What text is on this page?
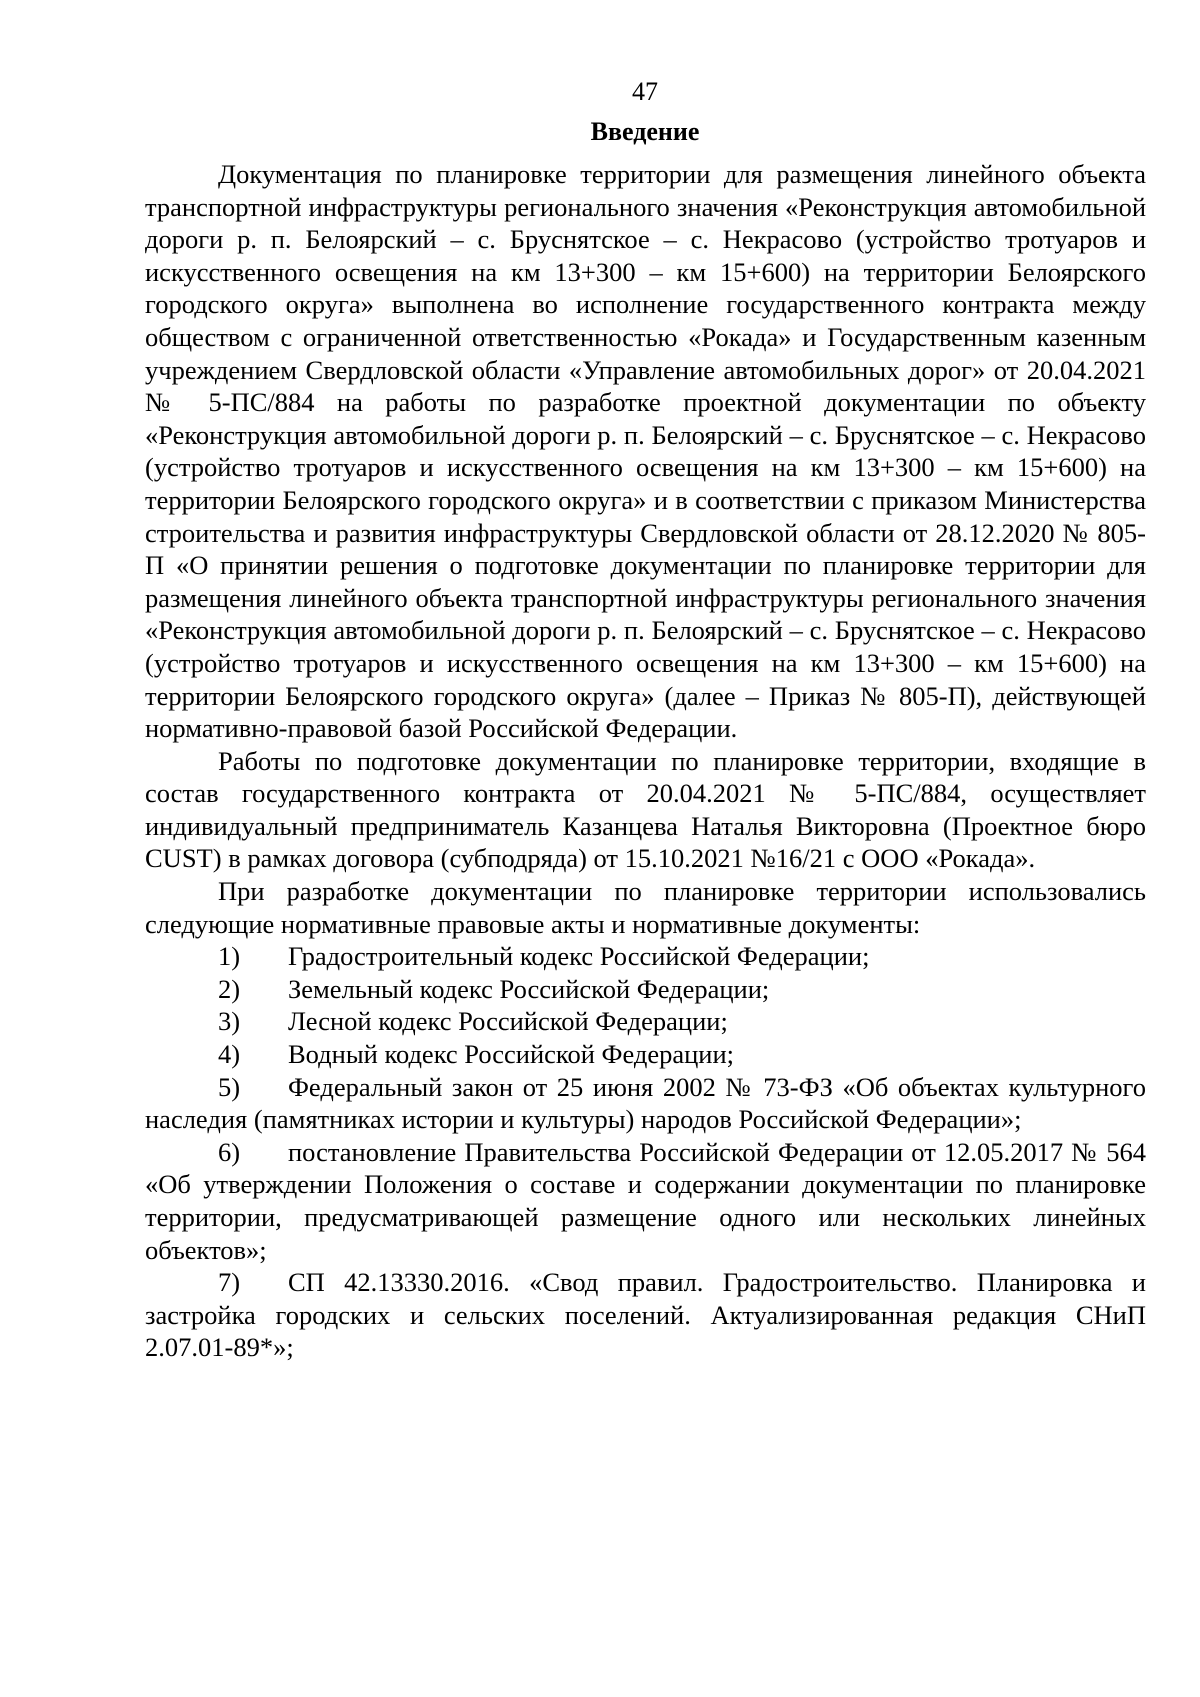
47
Введение

Документация по планировке территории для размещения линейного объекта транспортной инфраструктуры регионального значения «Реконструкция автомобильной дороги р. п. Белоярский – с. Бруснятское – с. Некрасово (устройство тротуаров и искусственного освещения на км 13+300 – км 15+600) на территории Белоярского городского округа» выполнена во исполнение государственного контракта между обществом с ограниченной ответственностью «Рокада» и Государственным казенным учреждением Свердловской области «Управление автомобильных дорог» от 20.04.2021 № 5-ПС/884 на работы по разработке проектной документации по объекту «Реконструкция автомобильной дороги р. п. Белоярский – с. Бруснятское – с. Некрасово (устройство тротуаров и искусственного освещения на км 13+300 – км 15+600) на территории Белоярского городского округа» и в соответствии с приказом Министерства строительства и развития инфраструктуры Свердловской области от 28.12.2020 № 805-П «О принятии решения о подготовке документации по планировке территории для размещения линейного объекта транспортной инфраструктуры регионального значения «Реконструкция автомобильной дороги р. п. Белоярский – с. Бруснятское – с. Некрасово (устройство тротуаров и искусственного освещения на км 13+300 – км 15+600) на территории Белоярского городского округа» (далее – Приказ № 805-П), действующей нормативно-правовой базой Российской Федерации.

Работы по подготовке документации по планировке территории, входящие в состав государственного контракта от 20.04.2021 № 5-ПС/884, осуществляет индивидуальный предприниматель Казанцева Наталья Викторовна (Проектное бюро CUST) в рамках договора (субподряда) от 15.10.2021 №16/21 с ООО «Рокада».

При разработке документации по планировке территории использовались следующие нормативные правовые акты и нормативные документы:

1) Градостроительный кодекс Российской Федерации;
2) Земельный кодекс Российской Федерации;
3) Лесной кодекс Российской Федерации;
4) Водный кодекс Российской Федерации;
5) Федеральный закон от 25 июня 2002 № 73-ФЗ «Об объектах культурного наследия (памятниках истории и культуры) народов Российской Федерации»;
6) постановление Правительства Российской Федерации от 12.05.2017 № 564 «Об утверждении Положения о составе и содержании документации по планировке территории, предусматривающей размещение одного или нескольких линейных объектов»;
7) СП 42.13330.2016. «Свод правил. Градостроительство. Планировка и застройка городских и сельских поселений. Актуализированная редакция СНиП 2.07.01-89*»;
